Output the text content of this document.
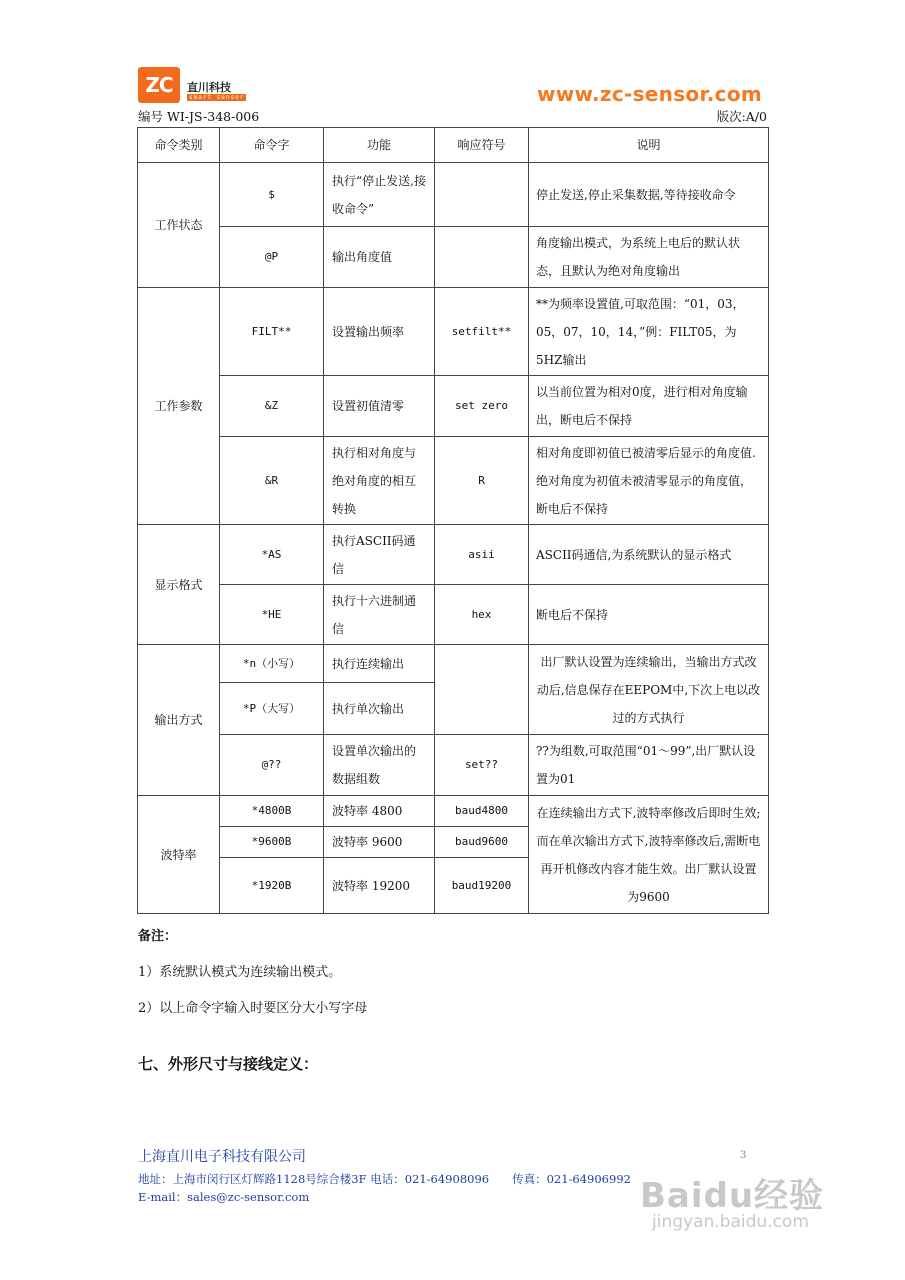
ZC 直川科技
smart sensor	www.zc-sensor.com
编号 WI-JS-348-006	版次:A/0
命令类别	命令字	功能	响应符号	说明
工作状态	$	执行“停止发送,接收命令”		停止发送,停止采集数据,等待接收命令
	@P	输出角度值		角度输出模式，为系统上电后的默认状态，且默认为绝对角度输出
工作参数	FILT**	设置输出频率	setfilt**	**为频率设置值,可取范围：“01，03，05，07，10，14，”例：FILT05，为5HZ输出
	&Z	设置初值清零	set zero	以当前位置为相对0度，进行相对角度输出，断电后不保持
	&R	执行相对角度与绝对角度的相互转换	R	相对角度即初值已被清零后显示的角度值.绝对角度为初值未被清零显示的角度值，断电后不保持
显示格式	*AS	执行ASCII码通信	asii	ASCII码通信,为系统默认的显示格式
	*HE	执行十六进制通信	hex	断电后不保持
输出方式	*n（小写）	执行连续输出		出厂默认设置为连续输出，当输出方式改动后,信息保存在EEPOM中,下次上电以改过的方式执行
	*P（大写）	执行单次输出		
	@??	设置单次输出的数据组数	set??	??为组数,可取范围“01～99”,出厂默认设置为01
波特率	*4800B	波特率 4800	baud4800	在连续输出方式下,波特率修改后即时生效;而在单次输出方式下,波特率修改后,需断电再开机修改内容才能生效。出厂默认设置为9600
	*9600B	波特率 9600	baud9600	
	*1920B	波特率 19200	baud19200	
备注：
1）系统默认模式为连续输出模式。
2）以上命令字输入时要区分大小写字母
七、外形尺寸与接线定义：
上海直川电子科技有限公司	3
地址：上海市闵行区灯辉路1128号综合楼3F 电话：021-64908096　　传真：021-64906992
E-mail：sales@zc-sensor.com	Baidu经验
jingyan.baidu.com
